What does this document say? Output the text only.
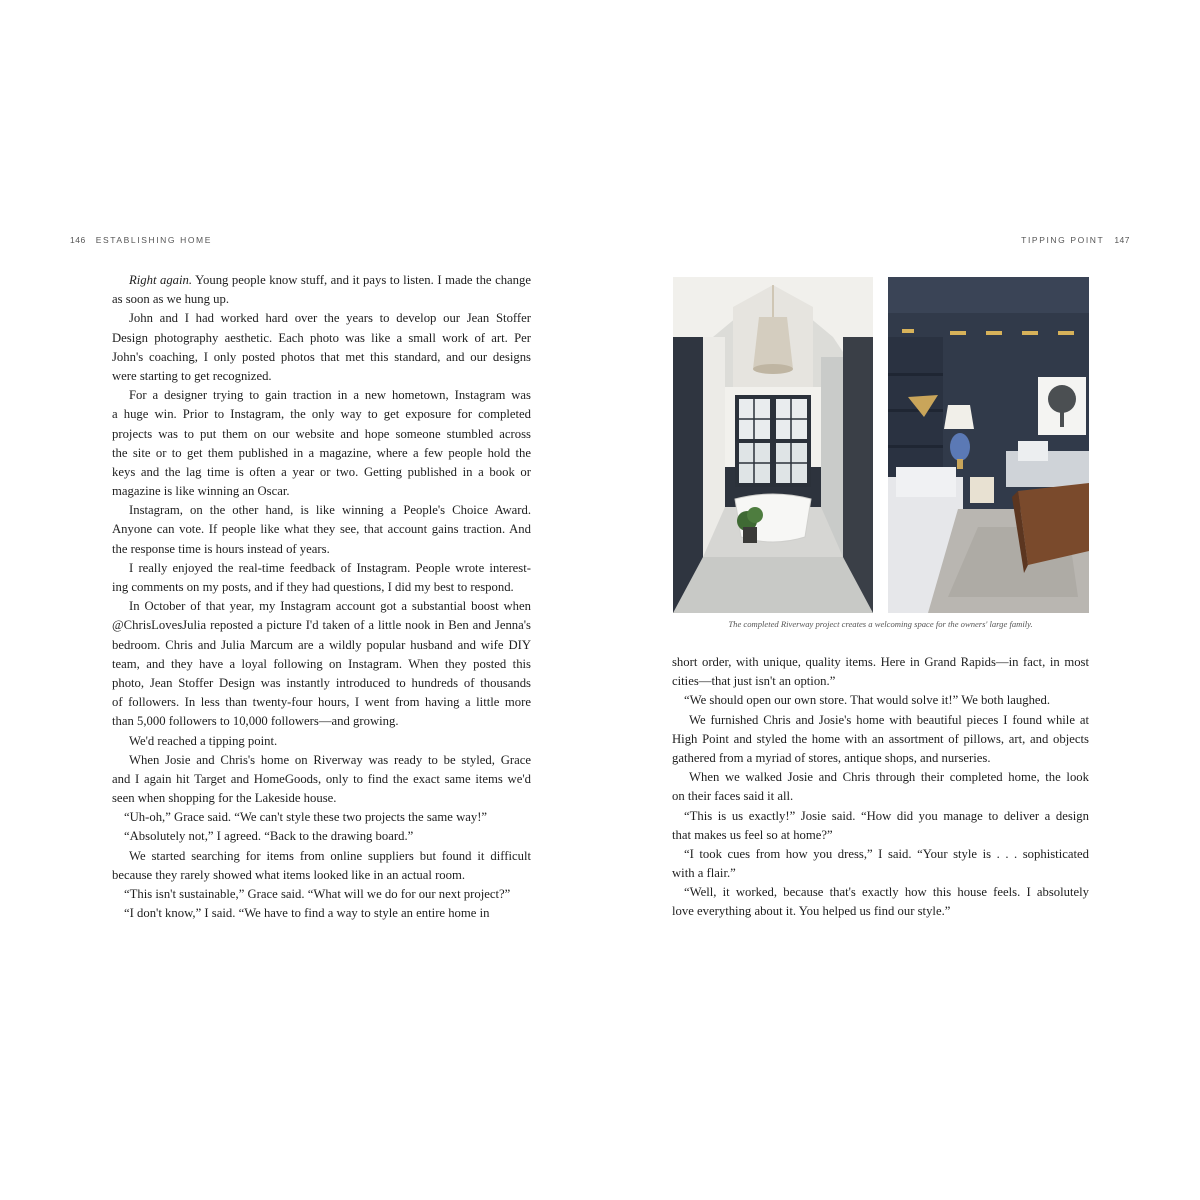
146 ESTABLISHING HOME
Right again. Young people know stuff, and it pays to listen. I made the change
as soon as we hung up.
John and I had worked hard over the years to develop our Jean Stoffer
Design photography aesthetic. Each photo was like a small work of art. Per
John's coaching, I only posted photos that met this standard, and our designs
were starting to get recognized.
For a designer trying to gain traction in a new hometown, Instagram was
a huge win. Prior to Instagram, the only way to get exposure for completed
projects was to put them on our website and hope someone stumbled across
the site or to get them published in a magazine, where a few people hold the
keys and the lag time is often a year or two. Getting published in a book or
magazine is like winning an Oscar.
Instagram, on the other hand, is like winning a People's Choice Award.
Anyone can vote. If people like what they see, that account gains traction. And
the response time is hours instead of years.
I really enjoyed the real-time feedback of Instagram. People wrote interest-
ing comments on my posts, and if they had questions, I did my best to respond.
In October of that year, my Instagram account got a substantial boost when
@ChrisLovesJulia reposted a picture I'd taken of a little nook in Ben and Jenna's
bedroom. Chris and Julia Marcum are a wildly popular husband and wife DIY
team, and they have a loyal following on Instagram. When they posted this
photo, Jean Stoffer Design was instantly introduced to hundreds of thousands
of followers. In less than twenty-four hours, I went from having a little more
than 5,000 followers to 10,000 followers—and growing.
We'd reached a tipping point.
When Josie and Chris's home on Riverway was ready to be styled, Grace
and I again hit Target and HomeGoods, only to find the exact same items we'd
seen when shopping for the Lakeside house.
“Uh-oh,” Grace said. “We can't style these two projects the same way!”
“Absolutely not,” I agreed. “Back to the drawing board.”
We started searching for items from online suppliers but found it difficult
because they rarely showed what items looked like in an actual room.
“This isn't sustainable,” Grace said. “What will we do for our next project?”
“I don't know,” I said. “We have to find a way to style an entire home in
TIPPING POINT 147
The completed Riverway project creates a welcoming space for the owners' large family.
short order, with unique, quality items. Here in Grand Rapids—in fact, in most
cities—that just isn't an option.”
“We should open our own store. That would solve it!” We both laughed.
We furnished Chris and Josie's home with beautiful pieces I found while at
High Point and styled the home with an assortment of pillows, art, and objects
gathered from a myriad of stores, antique shops, and nurseries.
When we walked Josie and Chris through their completed home, the look
on their faces said it all.
“This is us exactly!” Josie said. “How did you manage to deliver a design
that makes us feel so at home?”
“I took cues from how you dress,” I said. “Your style is . . . sophisticated
with a flair.”
“Well, it worked, because that's exactly how this house feels. I absolutely
love everything about it. You helped us find our style.”
